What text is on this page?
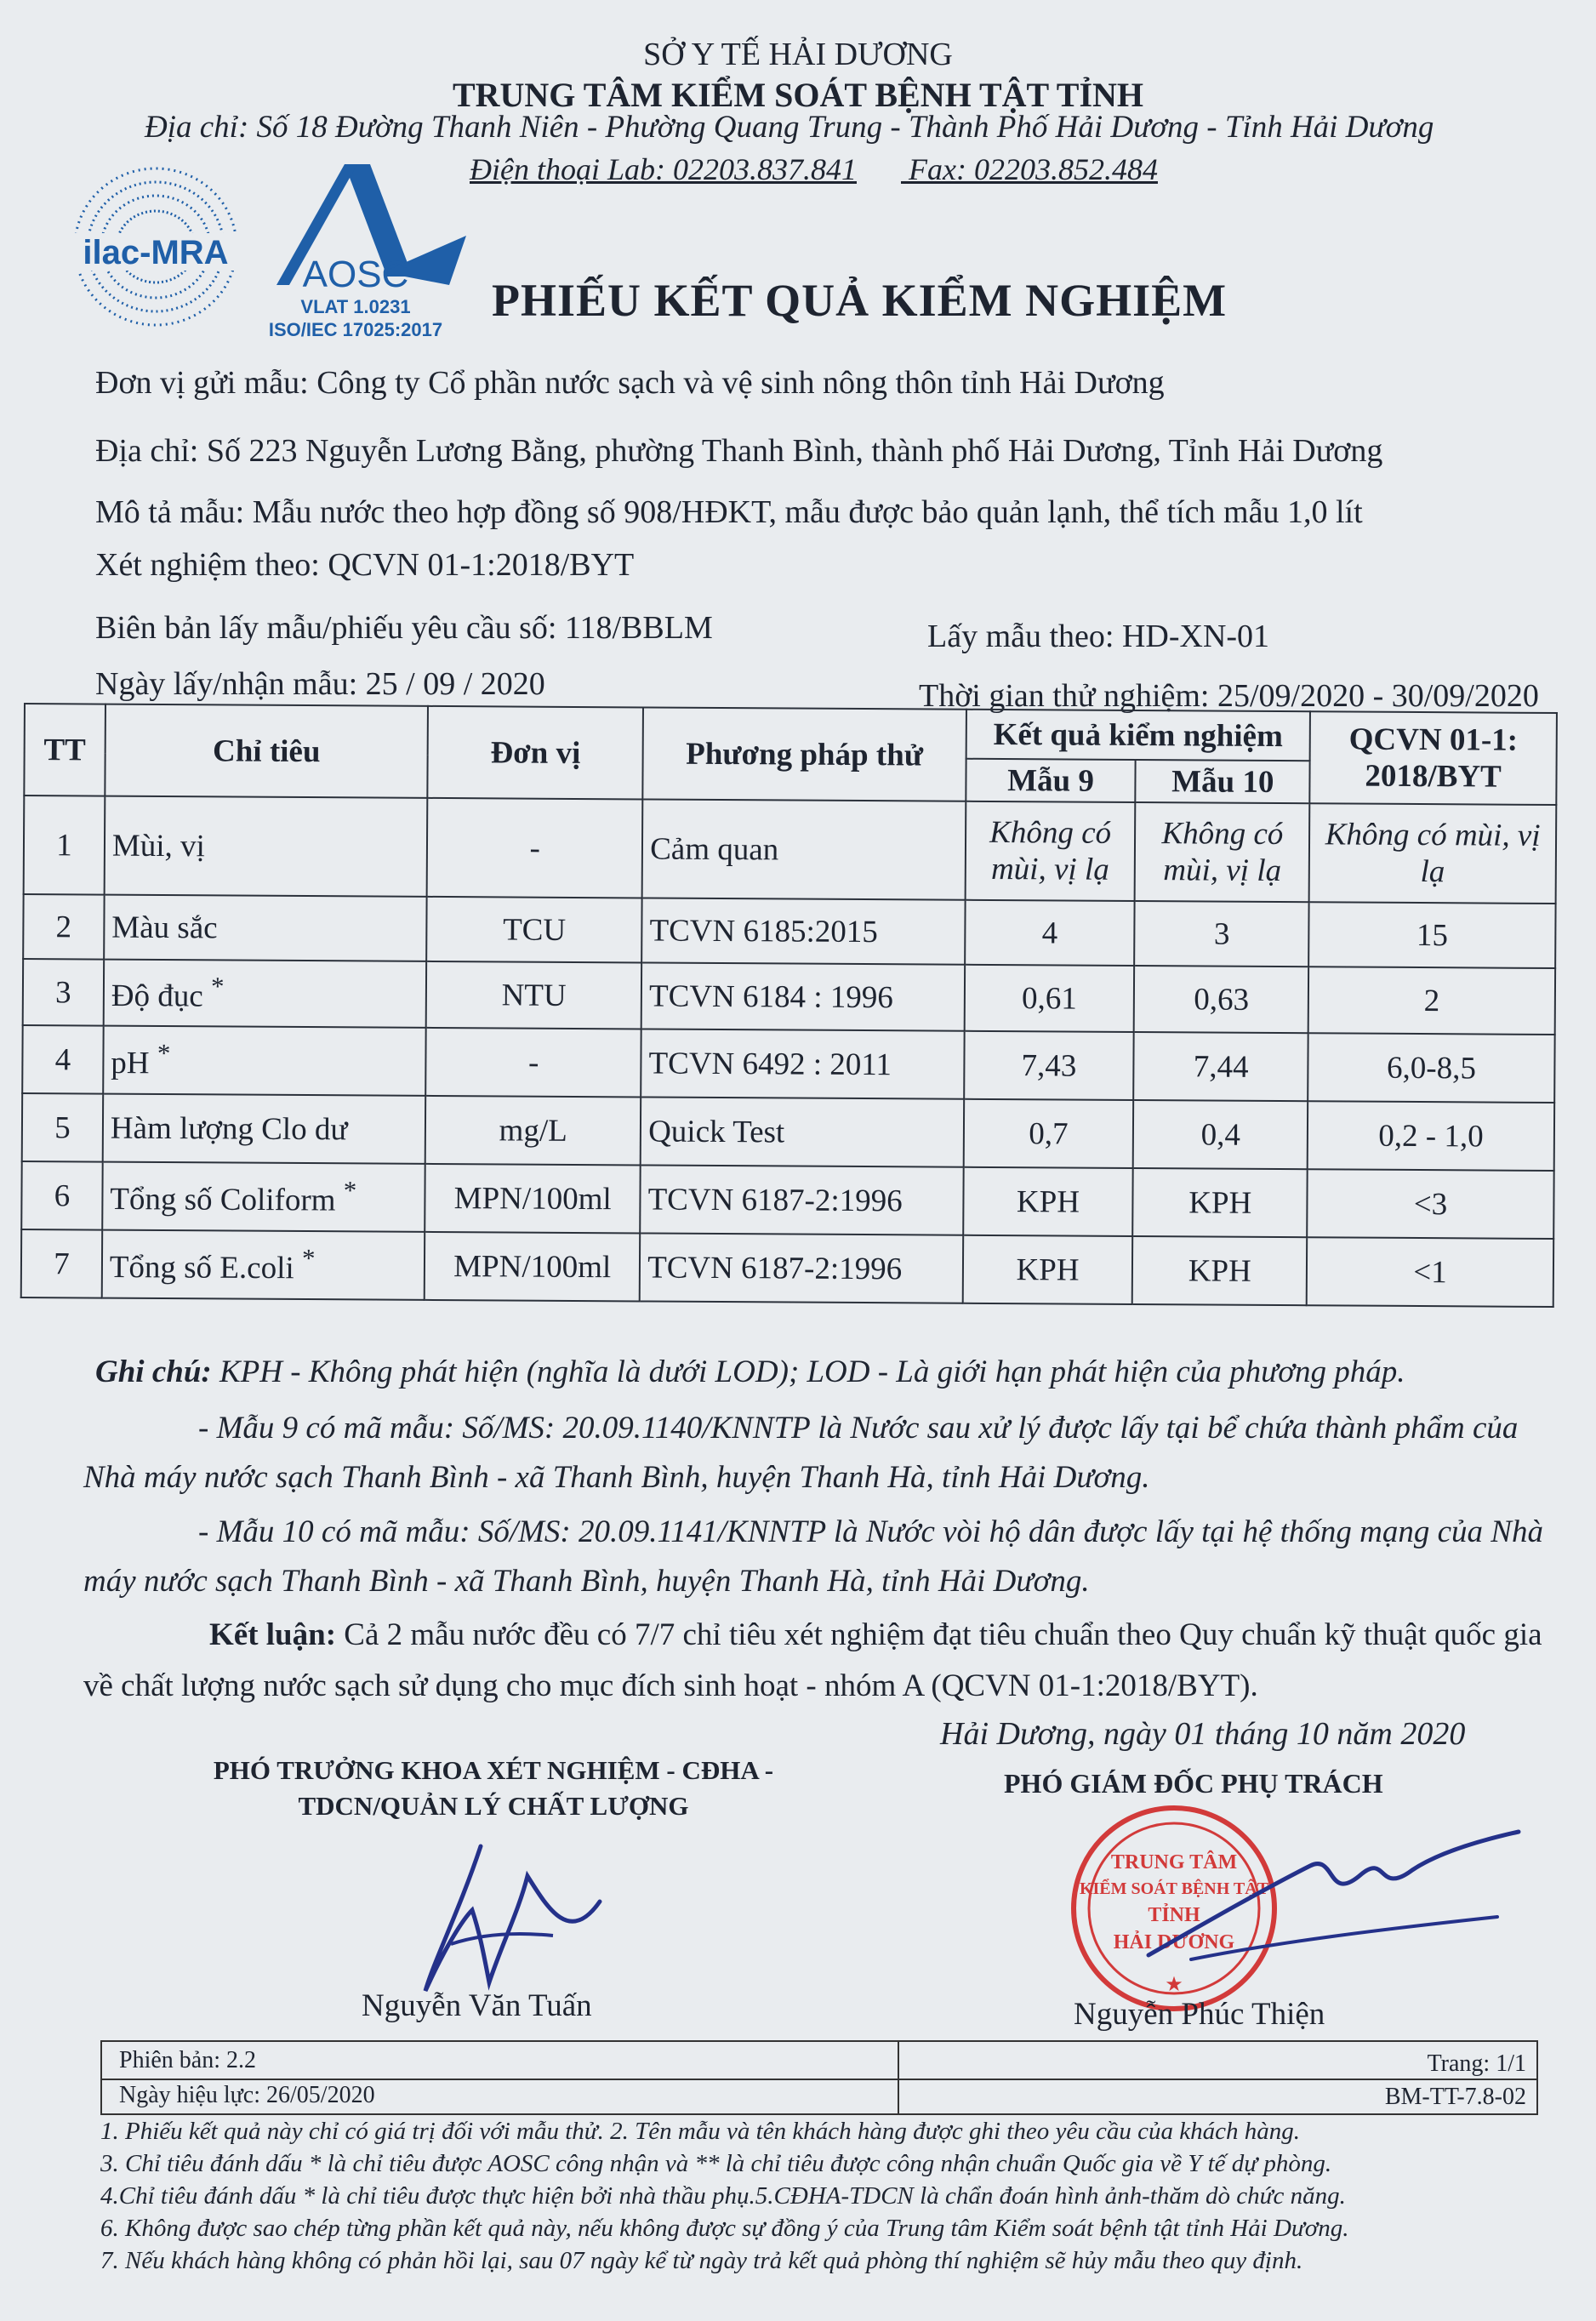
SỞ Y TẾ HẢI DƯƠNG
TRUNG TÂM KIỂM SOÁT BỆNH TẬT TỈNH
Địa chỉ: Số 18 Đường Thanh Niên - Phường Quang Trung - Thành Phố Hải Dương - Tỉnh Hải Dương
Điện thoại Lab: 02203.837.841 Fax: 02203.852.484
ilac-MRA
AOSC
VLAT 1.0231
ISO/IEC 17025:2017
PHIẾU KẾT QUẢ KIỂM NGHIỆM
Đơn vị gửi mẫu: Công ty Cổ phần nước sạch và vệ sinh nông thôn tỉnh Hải Dương
Địa chỉ: Số 223 Nguyễn Lương Bằng, phường Thanh Bình, thành phố Hải Dương, Tỉnh Hải Dương
Mô tả mẫu: Mẫu nước theo hợp đồng số 908/HĐKT, mẫu được bảo quản lạnh, thể tích mẫu 1,0 lít
Xét nghiệm theo: QCVN 01-1:2018/BYT
Biên bản lấy mẫu/phiếu yêu cầu số: 118/BBLM	Lấy mẫu theo: HD-XN-01
Ngày lấy/nhận mẫu: 25 / 09 / 2020	Thời gian thử nghiệm: 25/09/2020 - 30/09/2020
TT	Chỉ tiêu	Đơn vị	Phương pháp thử	Kết quả kiểm nghiệm		QCVN 01-1:
2018/BYT

				Mẫu 9	Mẫu 10	
1	Mùi, vị	-	Cảm quan	Không có mùi, vị lạ	Không có mùi, vị lạ	Không có mùi, vị lạ
2	Màu sắc	TCU	TCVN 6185:2015	4	3	15
3	Độ đục *	NTU	TCVN 6184 : 1996	0,61	0,63	2
4	pH *	-	TCVN 6492 : 2011	7,43	7,44	6,0-8,5
5	Hàm lượng Clo dư	mg/L	Quick Test	0,7	0,4	0,2 - 1,0
6	Tổng số Coliform *	MPN/100ml	TCVN 6187-2:1996	KPH	KPH	<3
7	Tổng số E.coli *	MPN/100ml	TCVN 6187-2:1996	KPH	KPH	<1
Ghi chú: KPH - Không phát hiện (nghĩa là dưới LOD); LOD - Là giới hạn phát hiện của phương pháp.
- Mẫu 9 có mã mẫu: Số/MS: 20.09.1140/KNNTP là Nước sau xử lý được lấy tại bể chứa thành phẩm của Nhà máy nước sạch Thanh Bình - xã Thanh Bình, huyện Thanh Hà, tỉnh Hải Dương.
- Mẫu 10 có mã mẫu: Số/MS: 20.09.1141/KNNTP là Nước vòi hộ dân được lấy tại hệ thống mạng của Nhà máy nước sạch Thanh Bình - xã Thanh Bình, huyện Thanh Hà, tỉnh Hải Dương.
Kết luận: Cả 2 mẫu nước đều có 7/7 chỉ tiêu xét nghiệm đạt tiêu chuẩn theo Quy chuẩn kỹ thuật quốc gia về chất lượng nước sạch sử dụng cho mục đích sinh hoạt - nhóm A (QCVN 01-1:2018/BYT).
Hải Dương, ngày 01 tháng 10 năm 2020
PHÓ TRƯỞNG KHOA XÉT NGHIỆM - CĐHA -
TDCN/QUẢN LÝ CHẤT LƯỢNG
PHÓ GIÁM ĐỐC PHỤ TRÁCH
TRUNG TÂM
KIỂM SOÁT BỆNH TẬT
TỈNH
HẢI DƯƠNG
★
Nguyễn Văn Tuấn	Nguyễn Phúc Thiện
Phiên bản: 2.2	Trang: 1/1
Ngày hiệu lực: 26/05/2020	BM-TT-7.8-02
1. Phiếu kết quả này chỉ có giá trị đối với mẫu thử. 2. Tên mẫu và tên khách hàng được ghi theo yêu cầu của khách hàng.
3. Chỉ tiêu đánh dấu * là chỉ tiêu được AOSC công nhận và ** là chỉ tiêu được công nhận chuẩn Quốc gia về Y tế dự phòng.
4.Chỉ tiêu đánh dấu * là chỉ tiêu được thực hiện bởi nhà thầu phụ.5.CĐHA-TDCN là chẩn đoán hình ảnh-thăm dò chức năng.
6. Không được sao chép từng phần kết quả này, nếu không được sự đồng ý của Trung tâm Kiểm soát bệnh tật tỉnh Hải Dương.
7. Nếu khách hàng không có phản hồi lại, sau 07 ngày kể từ ngày trả kết quả phòng thí nghiệm sẽ hủy mẫu theo quy định.
